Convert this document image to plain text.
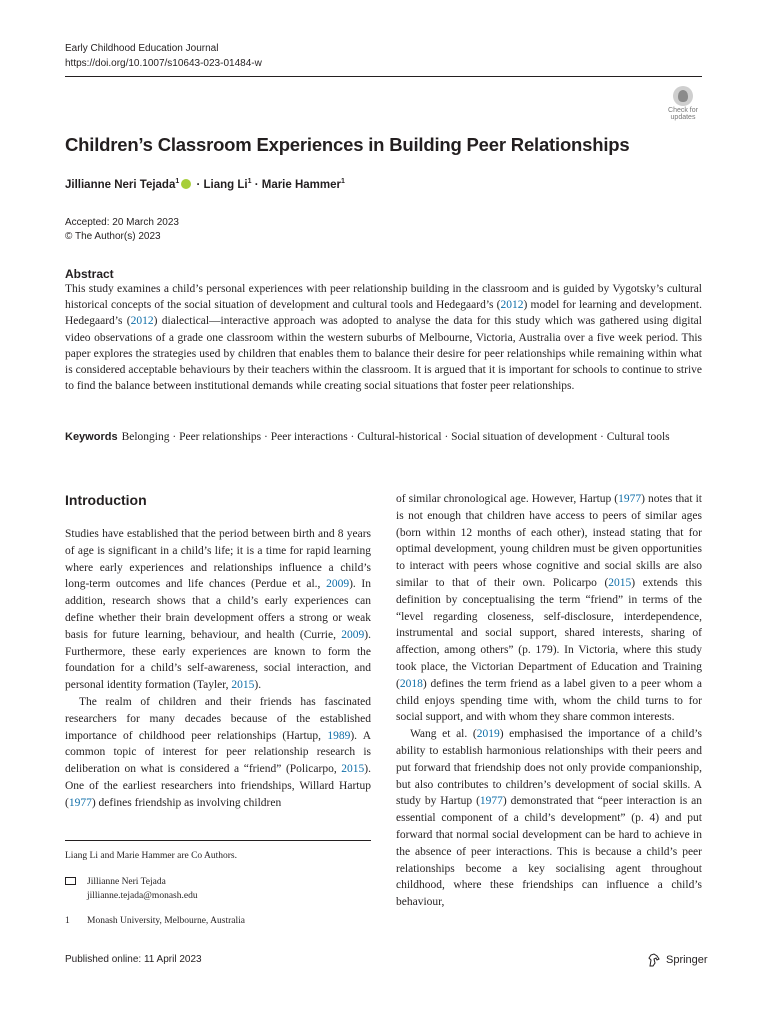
Early Childhood Education Journal
https://doi.org/10.1007/s10643-023-01484-w
Check for
updates
Children’s Classroom Experiences in Building Peer Relationships
Jillianne Neri Tejada$^1$ · Liang $Li^1$ · Marie Hammer$^1$
Accepted: 20 March 2023
© The Author(s) 2023
Abstract
This study examines a child’s personal experiences with peer relationship building in the classroom and is guided by Vygotsky’s cultural historical concepts of the social situation of development and cultural tools and Hedegaard’s (2012) model for learning and development. Hedegaard’s (2012) dialectical—interactive approach was adopted to analyse the data for this study which was gathered using digital video observations of a grade one classroom within the western suburbs of Melbourne, Victoria, Australia over a five week period. This paper explores the strategies used by children that enables them to balance their desire for peer relationships while remaining within what is considered acceptable behaviours by their teachers within the classroom. It is argued that it is important for schools to continue to strive to find the balance between institutional demands while creating social situations that foster peer relationships.
Keywords Belonging · Peer relationships · Peer interactions · Cultural-historical · Social situation of development · Cultural tools
Introduction

Studies have established that the period between birth and 8 years of age is significant in a child’s life; it is a time for rapid learning where early experiences and relationships influence a child’s long-term outcomes and life chances (Perdue et al., 2009). In addition, research shows that a child’s early experiences can define whether their brain development offers a strong or weak basis for future learning, behaviour, and health (Currie, 2009). Furthermore, these early experiences are known to form the foundation for a child’s self-awareness, social interaction, and personal identity formation (Tayler, 2015).

The realm of children and their friends has fascinated researchers for many decades because of the established importance of childhood peer relationships (Hartup, 1989). A common topic of interest for peer relationship research is deliberation on what is considered a “friend” (Policarpo, 2015). One of the earliest researchers into friendships, Willard Hartup (1977) defines friendship as involving children

of similar chronological age. However, Hartup (1977) notes that it is not enough that children have access to peers of similar ages (born within 12 months of each other), instead stating that for optimal development, young children must be given opportunities to interact with peers whose cognitive and social skills are also similar to that of their own. Policarpo (2015) extends this definition by conceptualising the term “friend” in terms of the “level regarding closeness, self-disclosure, interdependence, instrumental and social support, shared interests, sharing of affection, among others” (p. 179). In Victoria, where this study took place, the Victorian Department of Education and Training (2018) defines the term friend as a label given to a peer whom a child enjoys spending time with, whom the child turns to for social support, and with whom they share common interests.

Wang et al. (2019) emphasised the importance of a child’s ability to establish harmonious relationships with their peers and put forward that friendship does not only provide companionship, but also contributes to children’s development of social skills. A study by Hartup (1977) demonstrated that “peer interaction is an essential component of a child’s development” (p. 4) and put forward that normal social development can be hard to achieve in the absence of peer interactions. This is because a child’s peer relationships become a key socialising agent throughout childhood, where these friendships can influence a child’s behaviour,

Liang Li and Marie Hammer are Co Authors.
Jillianne Neri Tejada
jillianne.tejada@monash.edu
1	Monash University, Melbourne, Australia
Published online: 11 April 2023	Springer
